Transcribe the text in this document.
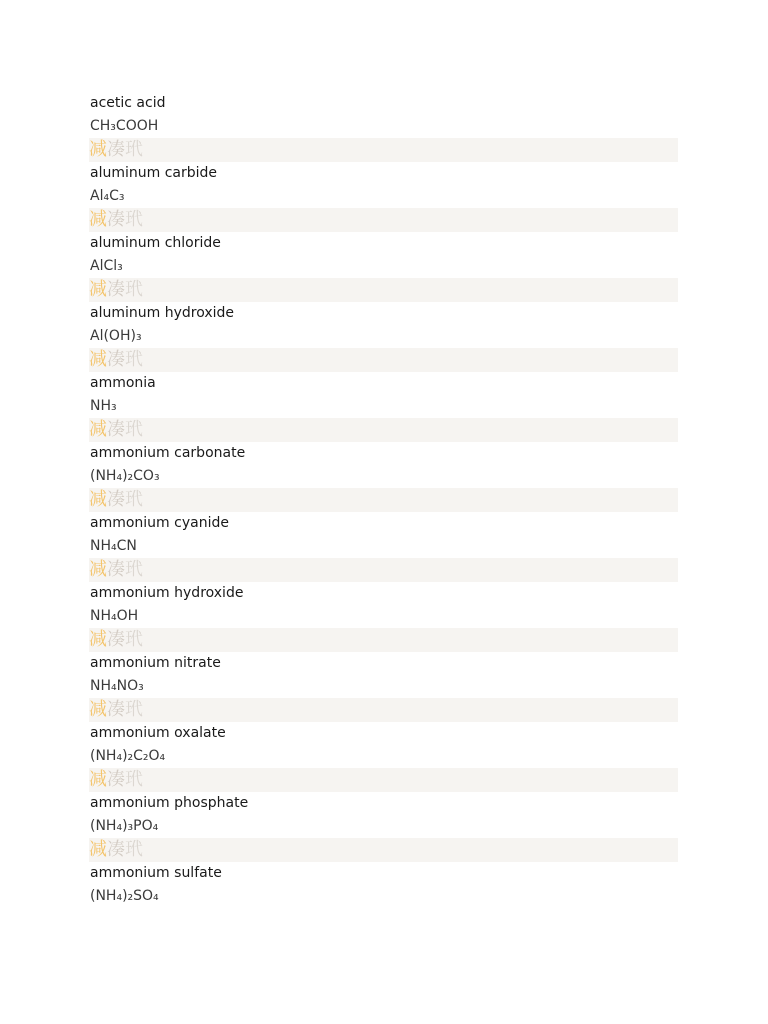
acetic acid
CH₃COOH
减凑玳
aluminum carbide
Al₄C₃
减凑玳
aluminum chloride
AlCl₃
减凑玳
aluminum hydroxide
Al(OH)₃
减凑玳
ammonia
NH₃
减凑玳
ammonium carbonate
(NH₄)₂CO₃
减凑玳
ammonium cyanide
NH₄CN
减凑玳
ammonium hydroxide
NH₄OH
减凑玳
ammonium nitrate
NH₄NO₃
减凑玳
ammonium oxalate
(NH₄)₂C₂O₄
减凑玳
ammonium phosphate
(NH₄)₃PO₄
减凑玳
ammonium sulfate
(NH₄)₂SO₄
